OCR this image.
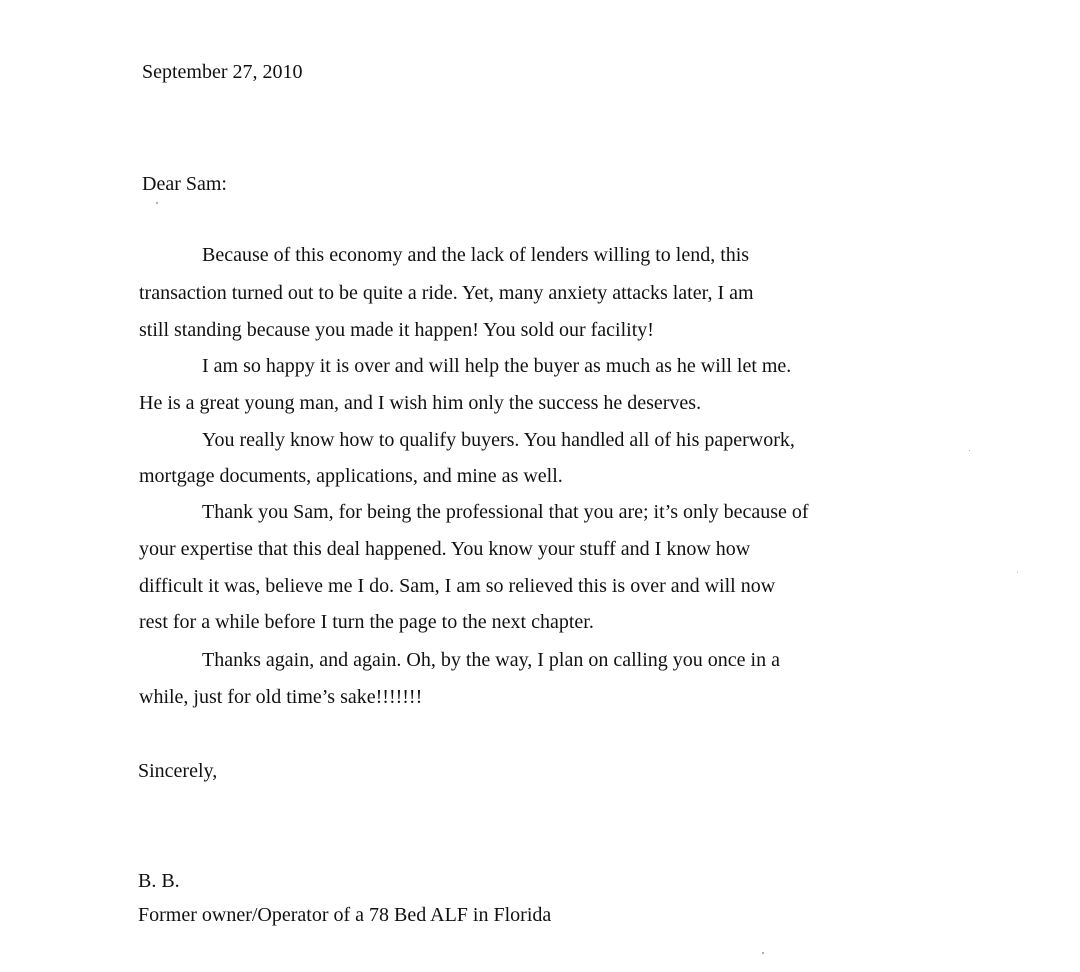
September 27, 2010

Dear Sam:

Because of this economy and the lack of lenders willing to lend, this

transaction turned out to be quite a ride. Yet, many anxiety attacks later, I am

still standing because you made it happen! You sold our facility!

I am so happy it is over and will help the buyer as much as he will let me.

He is a great young man, and I wish him only the success he deserves.

You really know how to qualify buyers. You handled all of his paperwork,

mortgage documents, applications, and mine as well.

Thank you Sam, for being the professional that you are; it’s only because of

your expertise that this deal happened. You know your stuff and I know how

difficult it was, believe me I do. Sam, I am so relieved this is over and will now

rest for a while before I turn the page to the next chapter.

Thanks again, and again. Oh, by the way, I plan on calling you once in a

while, just for old time’s sake!!!!!!!

Sincerely,

B. B.

Former owner/Operator of a 78 Bed ALF in Florida
